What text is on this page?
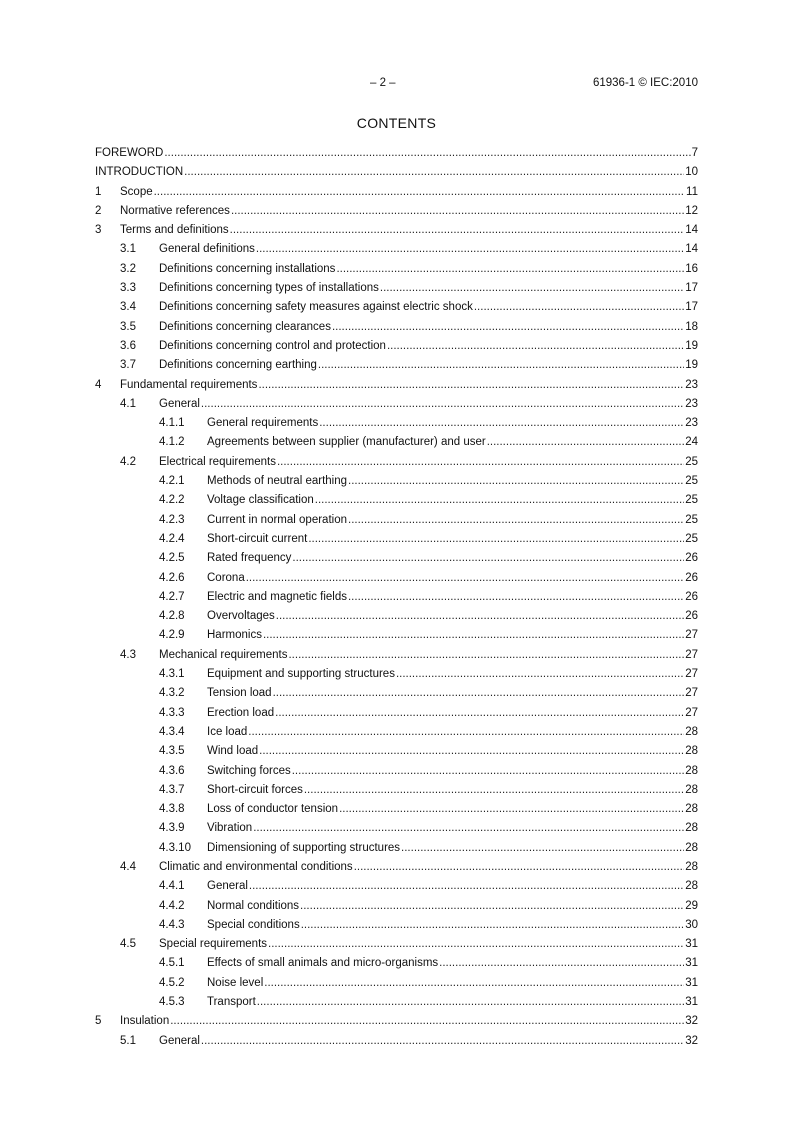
– 2 –	61936-1 © IEC:2010
CONTENTS
FOREWORD .....	7
INTRODUCTION .....	10
1 Scope .....	11
2 Normative references .....	12
3 Terms and definitions .....	14
3.1 General definitions .....	14
3.2 Definitions concerning installations .....	16
3.3 Definitions concerning types of installations .....	17
3.4 Definitions concerning safety measures against electric shock .....	17
3.5 Definitions concerning clearances .....	18
3.6 Definitions concerning control and protection .....	19
3.7 Definitions concerning earthing .....	19
4 Fundamental requirements .....	23
4.1 General .....	23
4.1.1 General requirements .....	23
4.1.2 Agreements between supplier (manufacturer) and user .....	24
4.2 Electrical requirements .....	25
4.2.1 Methods of neutral earthing .....	25
4.2.2 Voltage classification .....	25
4.2.3 Current in normal operation .....	25
4.2.4 Short-circuit current .....	25
4.2.5 Rated frequency .....	26
4.2.6 Corona .....	26
4.2.7 Electric and magnetic fields .....	26
4.2.8 Overvoltages .....	26
4.2.9 Harmonics .....	27
4.3 Mechanical requirements .....	27
4.3.1 Equipment and supporting structures .....	27
4.3.2 Tension load .....	27
4.3.3 Erection load .....	27
4.3.4 Ice load .....	28
4.3.5 Wind load .....	28
4.3.6 Switching forces .....	28
4.3.7 Short-circuit forces .....	28
4.3.8 Loss of conductor tension .....	28
4.3.9 Vibration .....	28
4.3.10 Dimensioning of supporting structures .....	28
4.4 Climatic and environmental conditions .....	28
4.4.1 General .....	28
4.4.2 Normal conditions .....	29
4.4.3 Special conditions .....	30
4.5 Special requirements .....	31
4.5.1 Effects of small animals and micro-organisms .....	31
4.5.2 Noise level .....	31
4.5.3 Transport .....	31
5 Insulation .....	32
5.1 General .....	32
